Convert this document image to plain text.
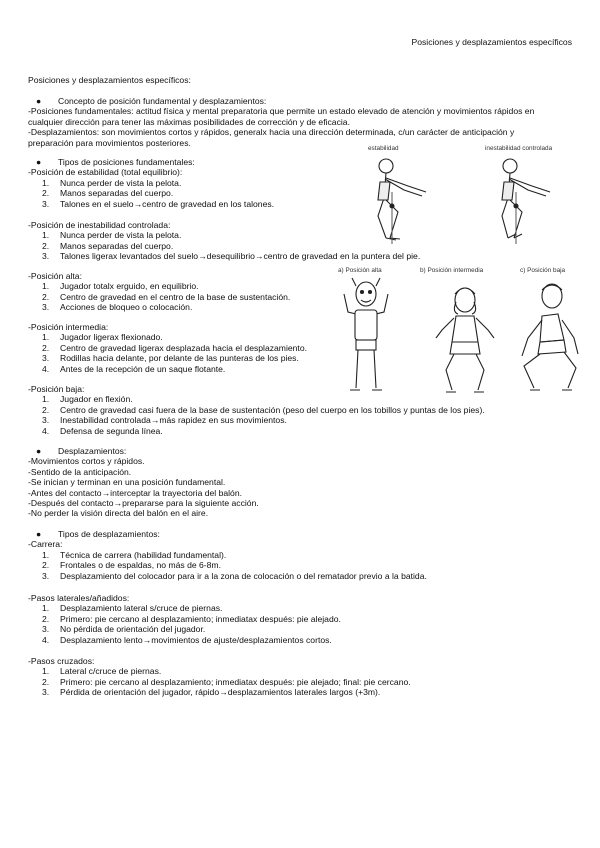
Posiciones y desplazamientos específicos
Posiciones y desplazamientos específicos:
● Concepto de posición fundamental y desplazamientos:
-Posiciones fundamentales: actitud física y mental preparatoria que permite un estado elevado de atención y movimientos rápidos en
cualquier dirección para tener las máximas posibilidades de corrección y de eficacia.
-Desplazamientos: son movimientos cortos y rápidos, generalx hacia una dirección determinada, c/un carácter de anticipación y
preparación para movimientos posteriores.
● Tipos de posiciones fundamentales:
-Posición de estabilidad (total equilibrio):
1. Nunca perder de vista la pelota.
2. Manos separadas del cuerpo.
3. Talones en el suelo→centro de gravedad en los talones.
-Posición de inestabilidad controlada:
1. Nunca perder de vista la pelota.
2. Manos separadas del cuerpo.
3. Talones ligerax levantados del suelo→desequilibrio→centro de gravedad en la puntera del pie.
-Posición alta:
1. Jugador totalx erguido, en equilibrio.
2. Centro de gravedad en el centro de la base de sustentación.
3. Acciones de bloqueo o colocación.
-Posición intermedia:
1. Jugador ligerax flexionado.
2. Centro de gravedad ligerax desplazada hacia el desplazamiento.
3. Rodillas hacia delante, por delante de las punteras de los pies.
4. Antes de la recepción de un saque flotante.
-Posición baja:
1. Jugador en flexión.
2. Centro de gravedad casi fuera de la base de sustentación (peso del cuerpo en los tobillos y puntas de los pies).
3. Inestabilidad controlada→más rapidez en sus movimientos.
4. Defensa de segunda línea.
● Desplazamientos:
-Movimientos cortos y rápidos.
-Sentido de la anticipación.
-Se inician y terminan en una posición fundamental.
-Antes del contacto→interceptar la trayectoria del balón.
-Después del contacto→prepararse para la siguiente acción.
-No perder la visión directa del balón en el aire.
● Tipos de desplazamientos:
-Carrera:
1. Técnica de carrera (habilidad fundamental).
2. Frontales o de espaldas, no más de 6-8m.
3. Desplazamiento del colocador para ir a la zona de colocación o del rematador previo a la batida.
-Pasos laterales/añadidos:
1. Desplazamiento lateral s/cruce de piernas.
2. Primero: pie cercano al desplazamiento; inmediatax después: pie alejado.
3. No pérdida de orientación del jugador.
4. Desplazamiento lento→movimientos de ajuste/desplazamientos cortos.
-Pasos cruzados:
1. Lateral c/cruce de piernas.
2. Primero: pie cercano al desplazamiento; inmediatax después: pie alejado; final: pie cercano.
3. Pérdida de orientación del jugador, rápido→desplazamientos laterales largos (+3m).
estabilidad	inestabilidad controlada
a) Posición alta	b) Posición intermedia	c) Posición baja
